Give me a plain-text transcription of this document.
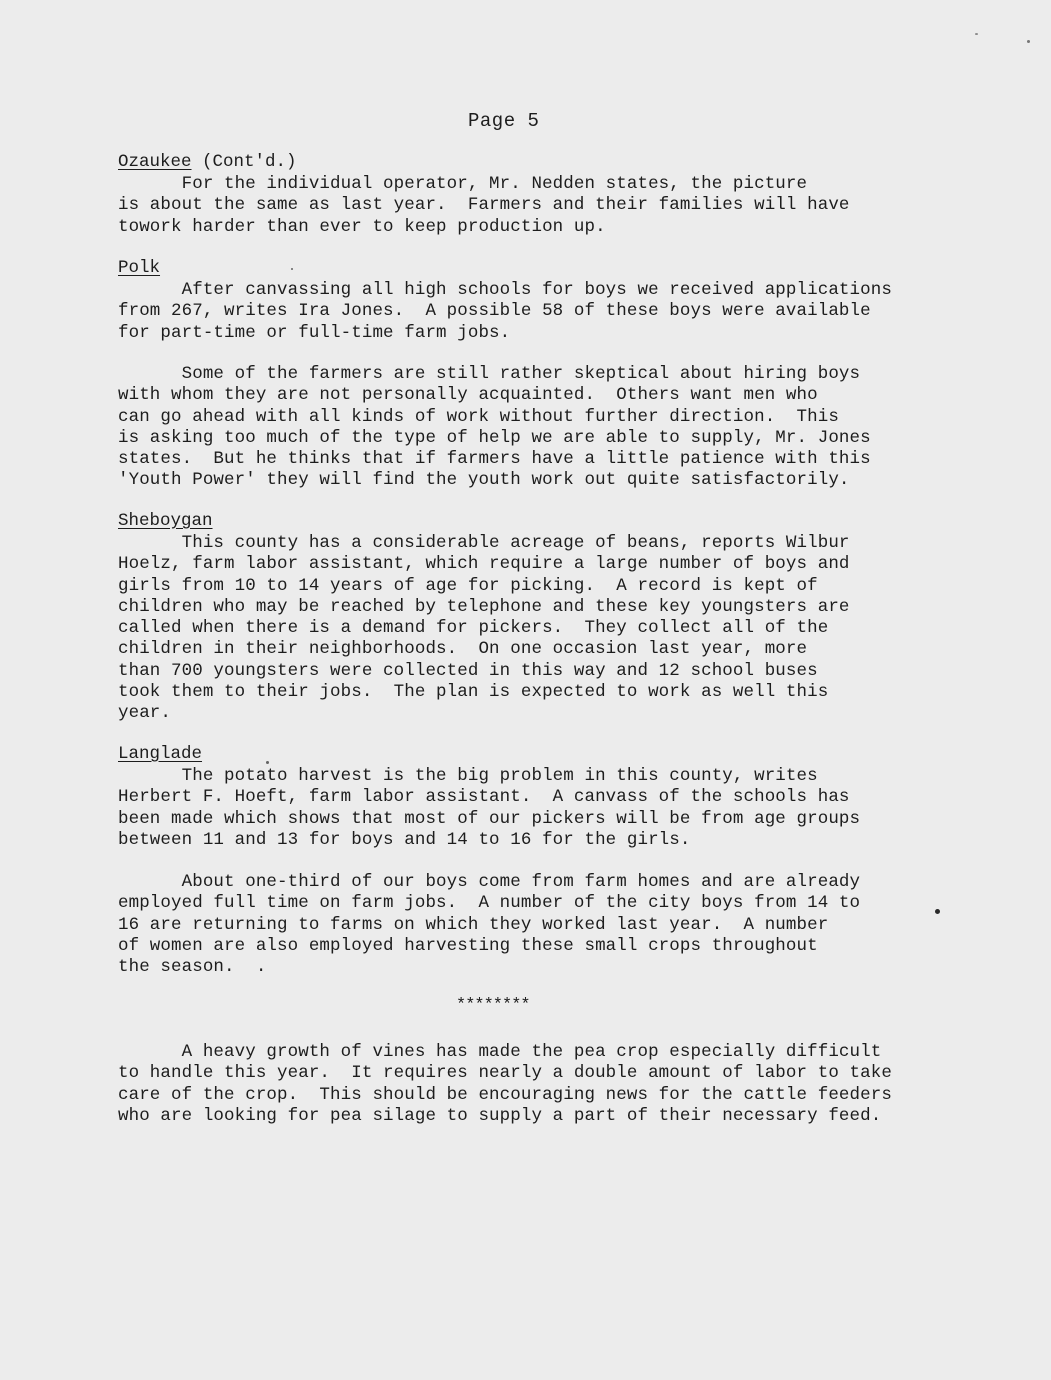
Page 5
Ozaukee (Cont'd.)

For the individual operator, Mr. Nedden states, the picture
is about the same as last year.  Farmers and their families will have
towork harder than ever to keep production up.

Polk

After canvassing all high schools for boys we received applications
from 267, writes Ira Jones.  A possible 58 of these boys were available
for part-time or full-time farm jobs.

Some of the farmers are still rather skeptical about hiring boys
with whom they are not personally acquainted.  Others want men who
can go ahead with all kinds of work without further direction.  This
is asking too much of the type of help we are able to supply, Mr. Jones
states.  But he thinks that if farmers have a little patience with this
'Youth Power' they will find the youth work out quite satisfactorily.

Sheboygan

This county has a considerable acreage of beans, reports Wilbur
Hoelz, farm labor assistant, which require a large number of boys and
girls from 10 to 14 years of age for picking.  A record is kept of
children who may be reached by telephone and these key youngsters are
called when there is a demand for pickers.  They collect all of the
children in their neighborhoods.  On one occasion last year, more
than 700 youngsters were collected in this way and 12 school buses
took them to their jobs.  The plan is expected to work as well this
year.

Langlade

The potato harvest is the big problem in this county, writes
Herbert F. Hoeft, farm labor assistant.  A canvass of the schools has
been made which shows that most of our pickers will be from age groups
between 11 and 13 for boys and 14 to 16 for the girls.

About one-third of our boys come from farm homes and are already
employed full time on farm jobs.  A number of the city boys from 14 to
16 are returning to farms on which they worked last year.  A number
of women are also employed harvesting these small crops throughout
the season.  .

********

A heavy growth of vines has made the pea crop especially difficult
to handle this year.  It requires nearly a double amount of labor to take
care of the crop.  This should be encouraging news for the cattle feeders
who are looking for pea silage to supply a part of their necessary feed.
